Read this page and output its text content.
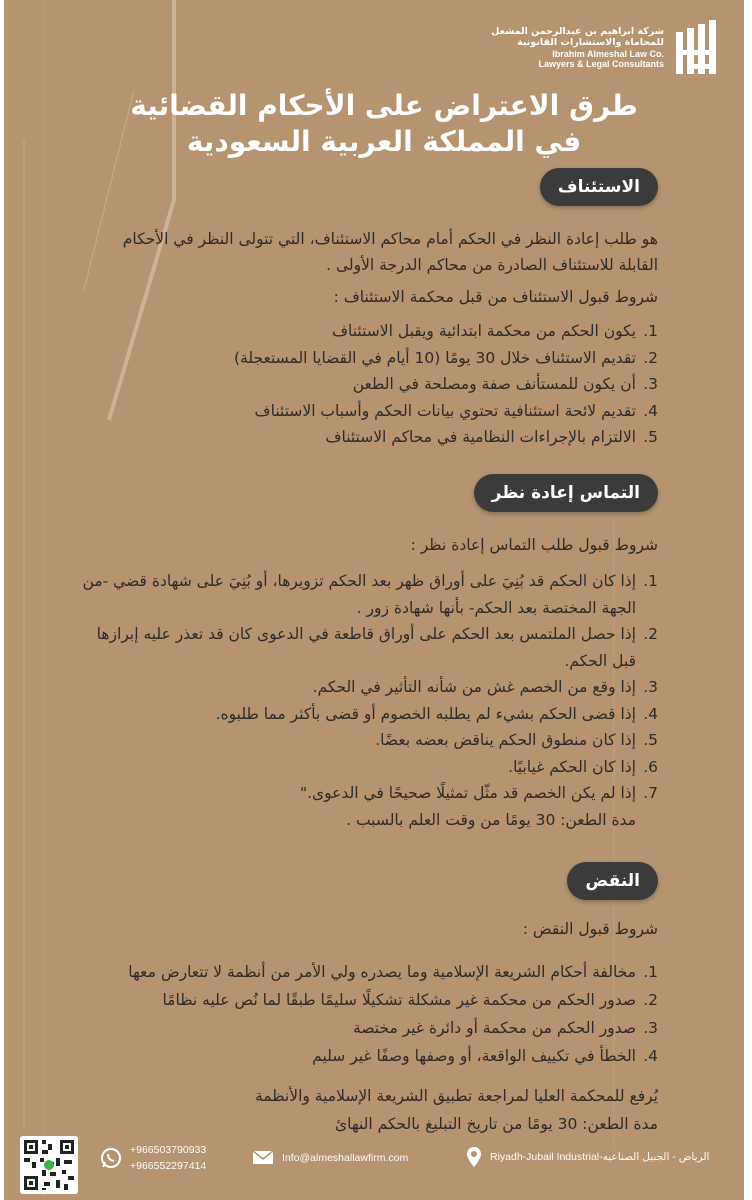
شركة ابراهيم بن عبدالرحمن المشعل
للمحاماة والاستشارات القانونية
Ibrahim Almeshal Law Co.
Lawyers & Legal Consultants
طرق الاعتراض على الأحكام القضائية
في المملكة العربية السعودية
الاستئناف
هو طلب إعادة النظر في الحكم أمام محاكم الاستئناف، التي تتولى النظر في الأحكام القابلة للاستئناف الصادرة من محاكم الدرجة الأولى .
شروط قبول الاستئناف من قبل محكمة الاستئناف :
1.
يكون الحكم من محكمة ابتدائية ويقبل الاستئناف
2.
تقديم الاستئناف خلال 30 يومًا (10 أيام في القضايا المستعجلة)
3.
أن يكون للمستأنف صفة ومصلحة في الطعن
4.
تقديم لائحة استئنافية تحتوي بيانات الحكم وأسباب الاستئناف
5.
الالتزام بالإجراءات النظامية في محاكم الاستئناف
التماس إعادة نظر
شروط قبول طلب التماس إعادة نظر :
1.
إذا كان الحكم قد بُنِيَ على أوراق ظهر بعد الحكم تزويرها، أو بُنِيَ على شهادة قضي -من الجهة المختصة بعد الحكم- بأنها شهادة زور .
2.
إذا حصل الملتمس بعد الحكم على أوراق قاطعة في الدعوى كان قد تعذر عليه إبرازها قبل الحكم.
3.
إذا وقع من الخصم غش من شأنه التأثير في الحكم.
4.
إذا قضى الحكم بشيء لم يطلبه الخصوم أو قضى بأكثر مما طلبوه.
5.
إذا كان منطوق الحكم يناقض بعضه بعضًا.
6.
إذا كان الحكم غيابيًا.
7.
إذا لم يكن الخصم قد مثّل تمثيلًا صحيحًا في الدعوى."
مدة الطعن: 30 يومًا من وقت العلم بالسبب .
النقض
شروط قبول النقض :
1.
مخالفة أحكام الشريعة الإسلامية وما يصدره ولي الأمر من أنظمة لا تتعارض معها
2.
صدور الحكم من محكمة غير مشكلة تشكيلًا سليمًا طبقًا لما نُص عليه نظامًا
3.
صدور الحكم من محكمة أو دائرة غير مختصة
4.
الخطأ في تكييف الواقعة، أو وصفها وصفًا غير سليم
يُرفع للمحكمة العليا لمراجعة تطبيق الشريعة الإسلامية والأنظمة
مدة الطعن: 30 يومًا من تاريخ التبليغ بالحكم النهائ
+966503790933
+966552297414
Info@almeshallawfirm.com	Riyadh-Jubail Industrial-الرياض - الجبيل الصناعيه
